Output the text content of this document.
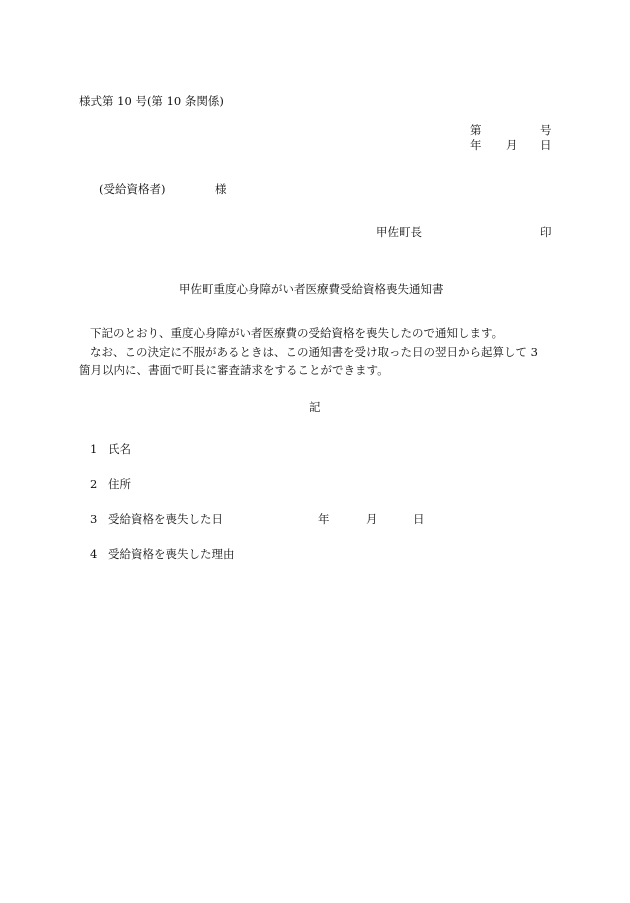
様式第 10 号(第 10 条関係)
第	号
年 月 日
(受給資格者)	様
甲佐町長	印
甲佐町重度心身障がい者医療費受給資格喪失通知書

下記のとおり、重度心身障がい者医療費の受給資格を喪失したので通知します。

なお、この決定に不服があるときは、この通知書を受け取った日の翌日から起算して 3 箇月以内に、書面で町長に審査請求をすることができます。

記
1 氏名
2 住所
3 受給資格を喪失した日	年	月	日
4 受給資格を喪失した理由
